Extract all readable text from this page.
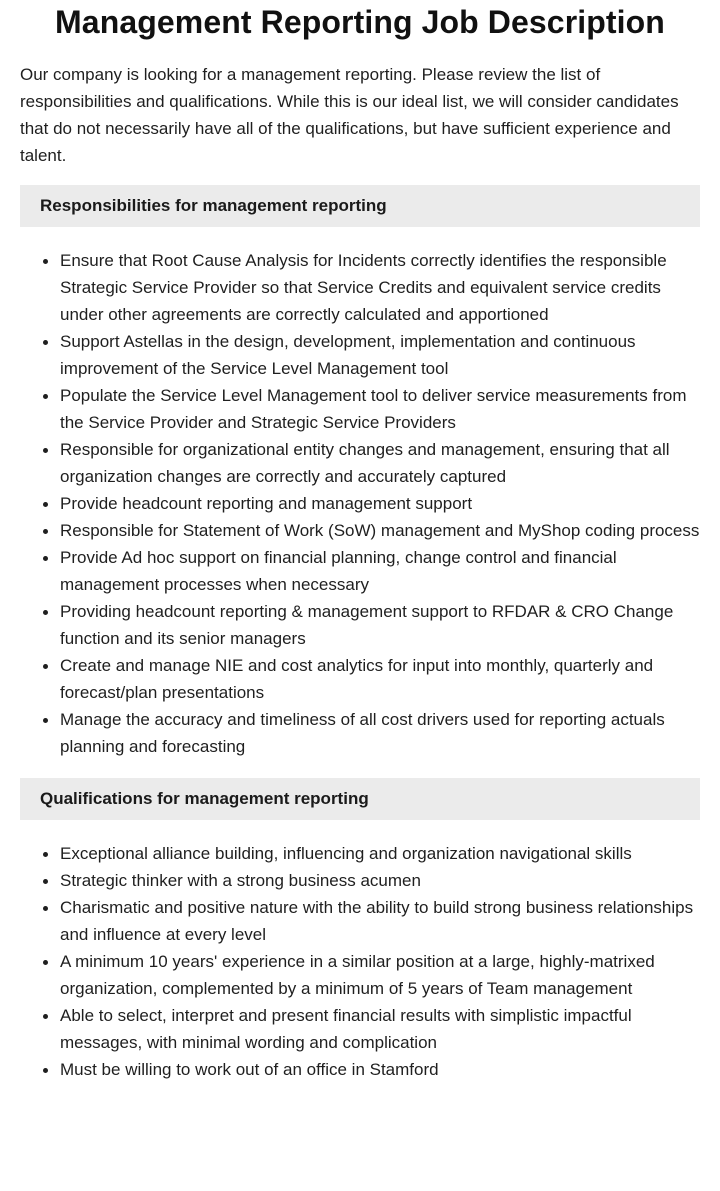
Management Reporting Job Description

Our company is looking for a management reporting. Please review the list of responsibilities and qualifications. While this is our ideal list, we will consider candidates that do not necessarily have all of the qualifications, but have sufficient experience and talent.

Responsibilities for management reporting
Ensure that Root Cause Analysis for Incidents correctly identifies the responsible Strategic Service Provider so that Service Credits and equivalent service credits under other agreements are correctly calculated and apportioned
Support Astellas in the design, development, implementation and continuous improvement of the Service Level Management tool
Populate the Service Level Management tool to deliver service measurements from the Service Provider and Strategic Service Providers
Responsible for organizational entity changes and management, ensuring that all organization changes are correctly and accurately captured
Provide headcount reporting and management support
Responsible for Statement of Work (SoW) management and MyShop coding process
Provide Ad hoc support on financial planning, change control and financial management processes when necessary
Providing headcount reporting & management support to RFDAR & CRO Change function and its senior managers
Create and manage NIE and cost analytics for input into monthly, quarterly and forecast/plan presentations
Manage the accuracy and timeliness of all cost drivers used for reporting actuals planning and forecasting
Qualifications for management reporting
Exceptional alliance building, influencing and organization navigational skills
Strategic thinker with a strong business acumen
Charismatic and positive nature with the ability to build strong business relationships and influence at every level
A minimum 10 years' experience in a similar position at a large, highly-matrixed organization, complemented by a minimum of 5 years of Team management
Able to select, interpret and present financial results with simplistic impactful messages, with minimal wording and complication
Must be willing to work out of an office in Stamford
